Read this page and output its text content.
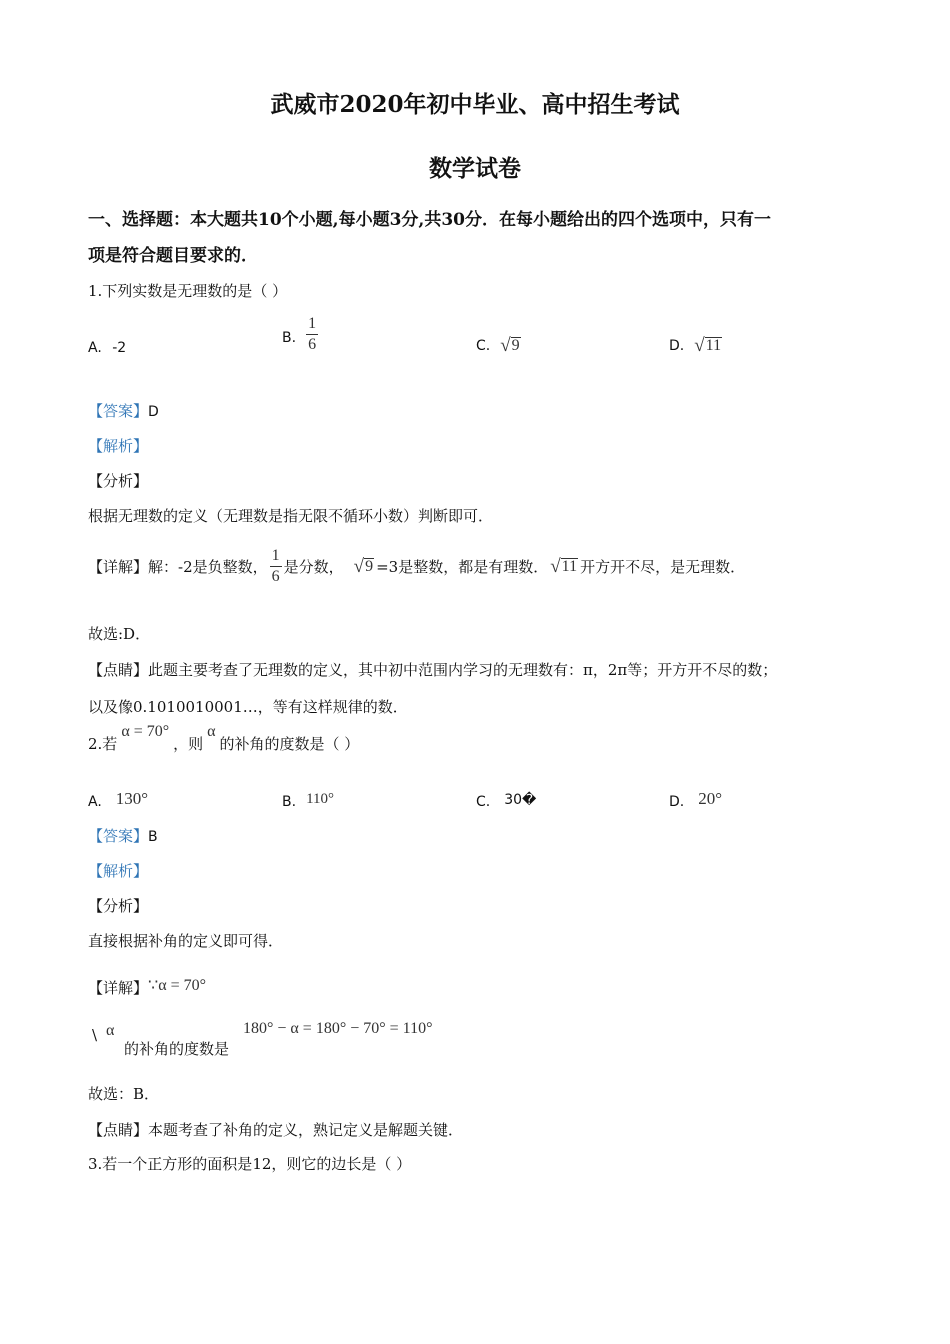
武威市2020年初中毕业、高中招生考试
数学试卷
一、选择题：本大题共10个小题,每小题3分,共30分．在每小题给出的四个选项中，只有一
项是符合题目要求的．
1.下列实数是无理数的是（ ）
A. -2
B. $\frac{1}{6}$	C. √ 9	D. √ 11
【答案】D
【解析】
【分析】
根据无理数的定义（无理数是指无限不循环小数）判断即可．
【详解】 解：-2是负整数， $\frac{1}{6}$ 是分数， √ 9 =3是整数，都是有理数． √ 11 开方开不尽，是无理数．
故选:D．
【点睛】此题主要考查了无理数的定义，其中初中范围内学习的无理数有：π，2π等；开方开不尽的数；
以及像0.1010010001…，等有这样规律的数．
2.若
α = 70°
，则
α
的补角的度数是（ ）
A. 130°	B. 110°	C. 30�	D. 20°
【答案】B
【解析】
【分析】
直接根据补角的定义即可得．
【详解】 ∵α = 70°
\ α
的补角的度数是
180° − α = 180° − 70° = 110°
故选：B．
【点睛】本题考查了补角的定义，熟记定义是解题关键．
3.若一个正方形的面积是12，则它的边长是（ ）
